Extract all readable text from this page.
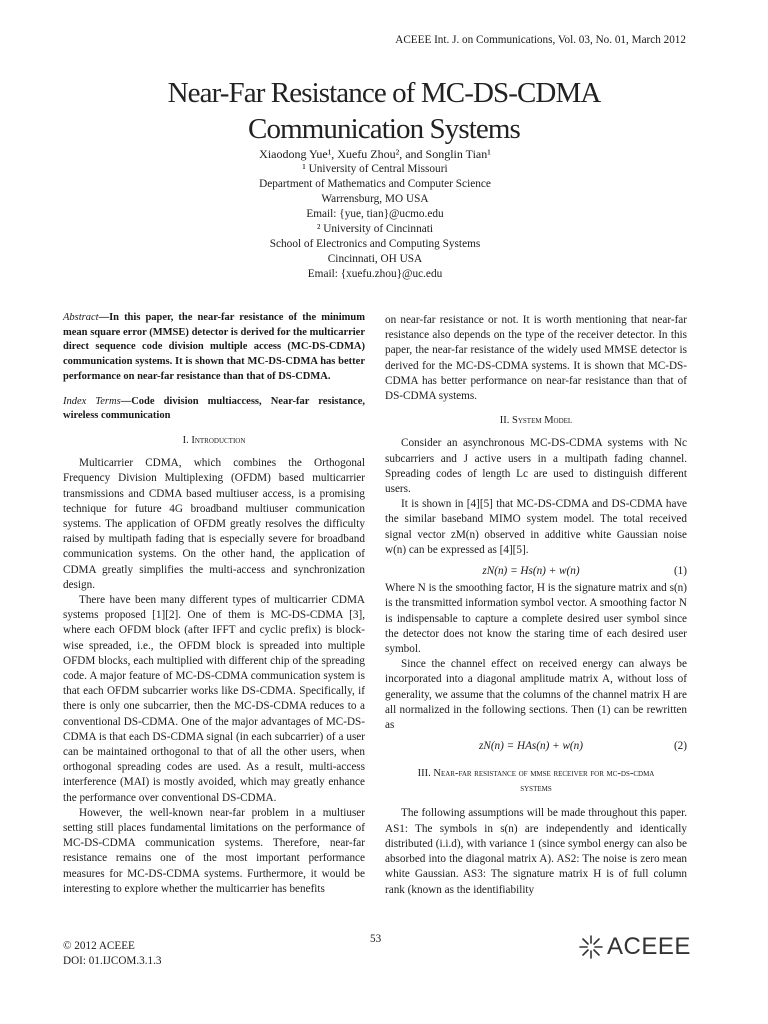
ACEEE Int. J. on Communications, Vol. 03, No. 01, March 2012
Near-Far Resistance of MC-DS-CDMA
Communication Systems
Xiaodong Yue¹, Xuefu Zhou², and Songlin Tian¹
¹ University of Central Missouri
Department of Mathematics and Computer Science
Warrensburg, MO USA
Email: {yue, tian}@ucmo.edu
² University of Cincinnati
School of Electronics and Computing Systems
Cincinnati, OH USA
Email: {xuefu.zhou}@uc.edu

Abstract—In this paper, the near-far resistance of the minimum mean square error (MMSE) detector is derived for the multicarrier direct sequence code division multiple access (MC-DS-CDMA) communication systems. It is shown that MC-DS-CDMA has better performance on near-far resistance than that of DS-CDMA.

Index Terms—Code division multiaccess, Near-far resistance, wireless communication

I. Introduction

Multicarrier CDMA, which combines the Orthogonal Frequency Division Multiplexing (OFDM) based multicarrier transmissions and CDMA based multiuser access, is a promising technique for future 4G broadband multiuser communication systems. The application of OFDM greatly resolves the difficulty raised by multipath fading that is especially severe for broadband communication systems. On the other hand, the application of CDMA greatly simplifies the multi-access and synchronization design.

There have been many different types of multicarrier CDMA systems proposed [1][2]. One of them is MC-DS-CDMA [3], where each OFDM block (after IFFT and cyclic prefix) is block-wise spreaded, i.e., the OFDM block is spreaded into multiple OFDM blocks, each multiplied with different chip of the spreading code. A major feature of MC-DS-CDMA communication system is that each OFDM subcarrier works like DS-CDMA. Specifically, if there is only one subcarrier, then the MC-DS-CDMA reduces to a conventional DS-CDMA. One of the major advantages of MC-DS-CDMA is that each DS-CDMA signal (in each subcarrier) of a user can be maintained orthogonal to that of all the other users, when orthogonal spreading codes are used. As a result, multi-access interference (MAI) is mostly avoided, which may greatly enhance the performance over conventional DS-CDMA.

However, the well-known near-far problem in a multiuser setting still places fundamental limitations on the performance of MC-DS-CDMA communication systems. Therefore, near-far resistance remains one of the most important performance measures for MC-DS-CDMA systems. Furthermore, it would be interesting to explore whether the multicarrier has benefits

on near-far resistance or not. It is worth mentioning that near-far resistance also depends on the type of the receiver detector. In this paper, the near-far resistance of the widely used MMSE detector is derived for the MC-DS-CDMA systems. It is shown that MC-DS-CDMA has better performance on near-far resistance than that of DS-CDMA systems.

II. System Model

Consider an asynchronous MC-DS-CDMA systems with Nc subcarriers and J active users in a multipath fading channel. Spreading codes of length Lc are used to distinguish different users.

It is shown in [4][5] that MC-DS-CDMA and DS-CDMA have the similar baseband MIMO system model. The total received signal vector zM(n) observed in additive white Gaussian noise w(n) can be expressed as [4][5].

zN(n) = Hs(n) + w(n)	(1)

Where N is the smoothing factor, H is the signature matrix and s(n) is the transmitted information symbol vector. A smoothing factor N is indispensable to capture a complete desired user symbol since the detector does not know the staring time of each desired user symbol.

Since the channel effect on received energy can always be incorporated into a diagonal amplitude matrix A, without loss of generality, we assume that the columns of the channel matrix H are all normalized in the following sections. Then (1) can be rewritten as

zN(n) = HAs(n) + w(n)	(2)

III. Near-far resistance of mmse receiver for mc-ds-cdma
systems

The following assumptions will be made throughout this paper. AS1: The symbols in s(n) are independently and identically distributed (i.i.d), with variance 1 (since symbol energy can also be absorbed into the diagonal matrix A). AS2: The noise is zero mean white Gaussian. AS3: The signature matrix H is of full column rank (known as the identifiability

53
© 2012 ACEEE
DOI: 01.IJCOM.3.1.3
ACEEE
